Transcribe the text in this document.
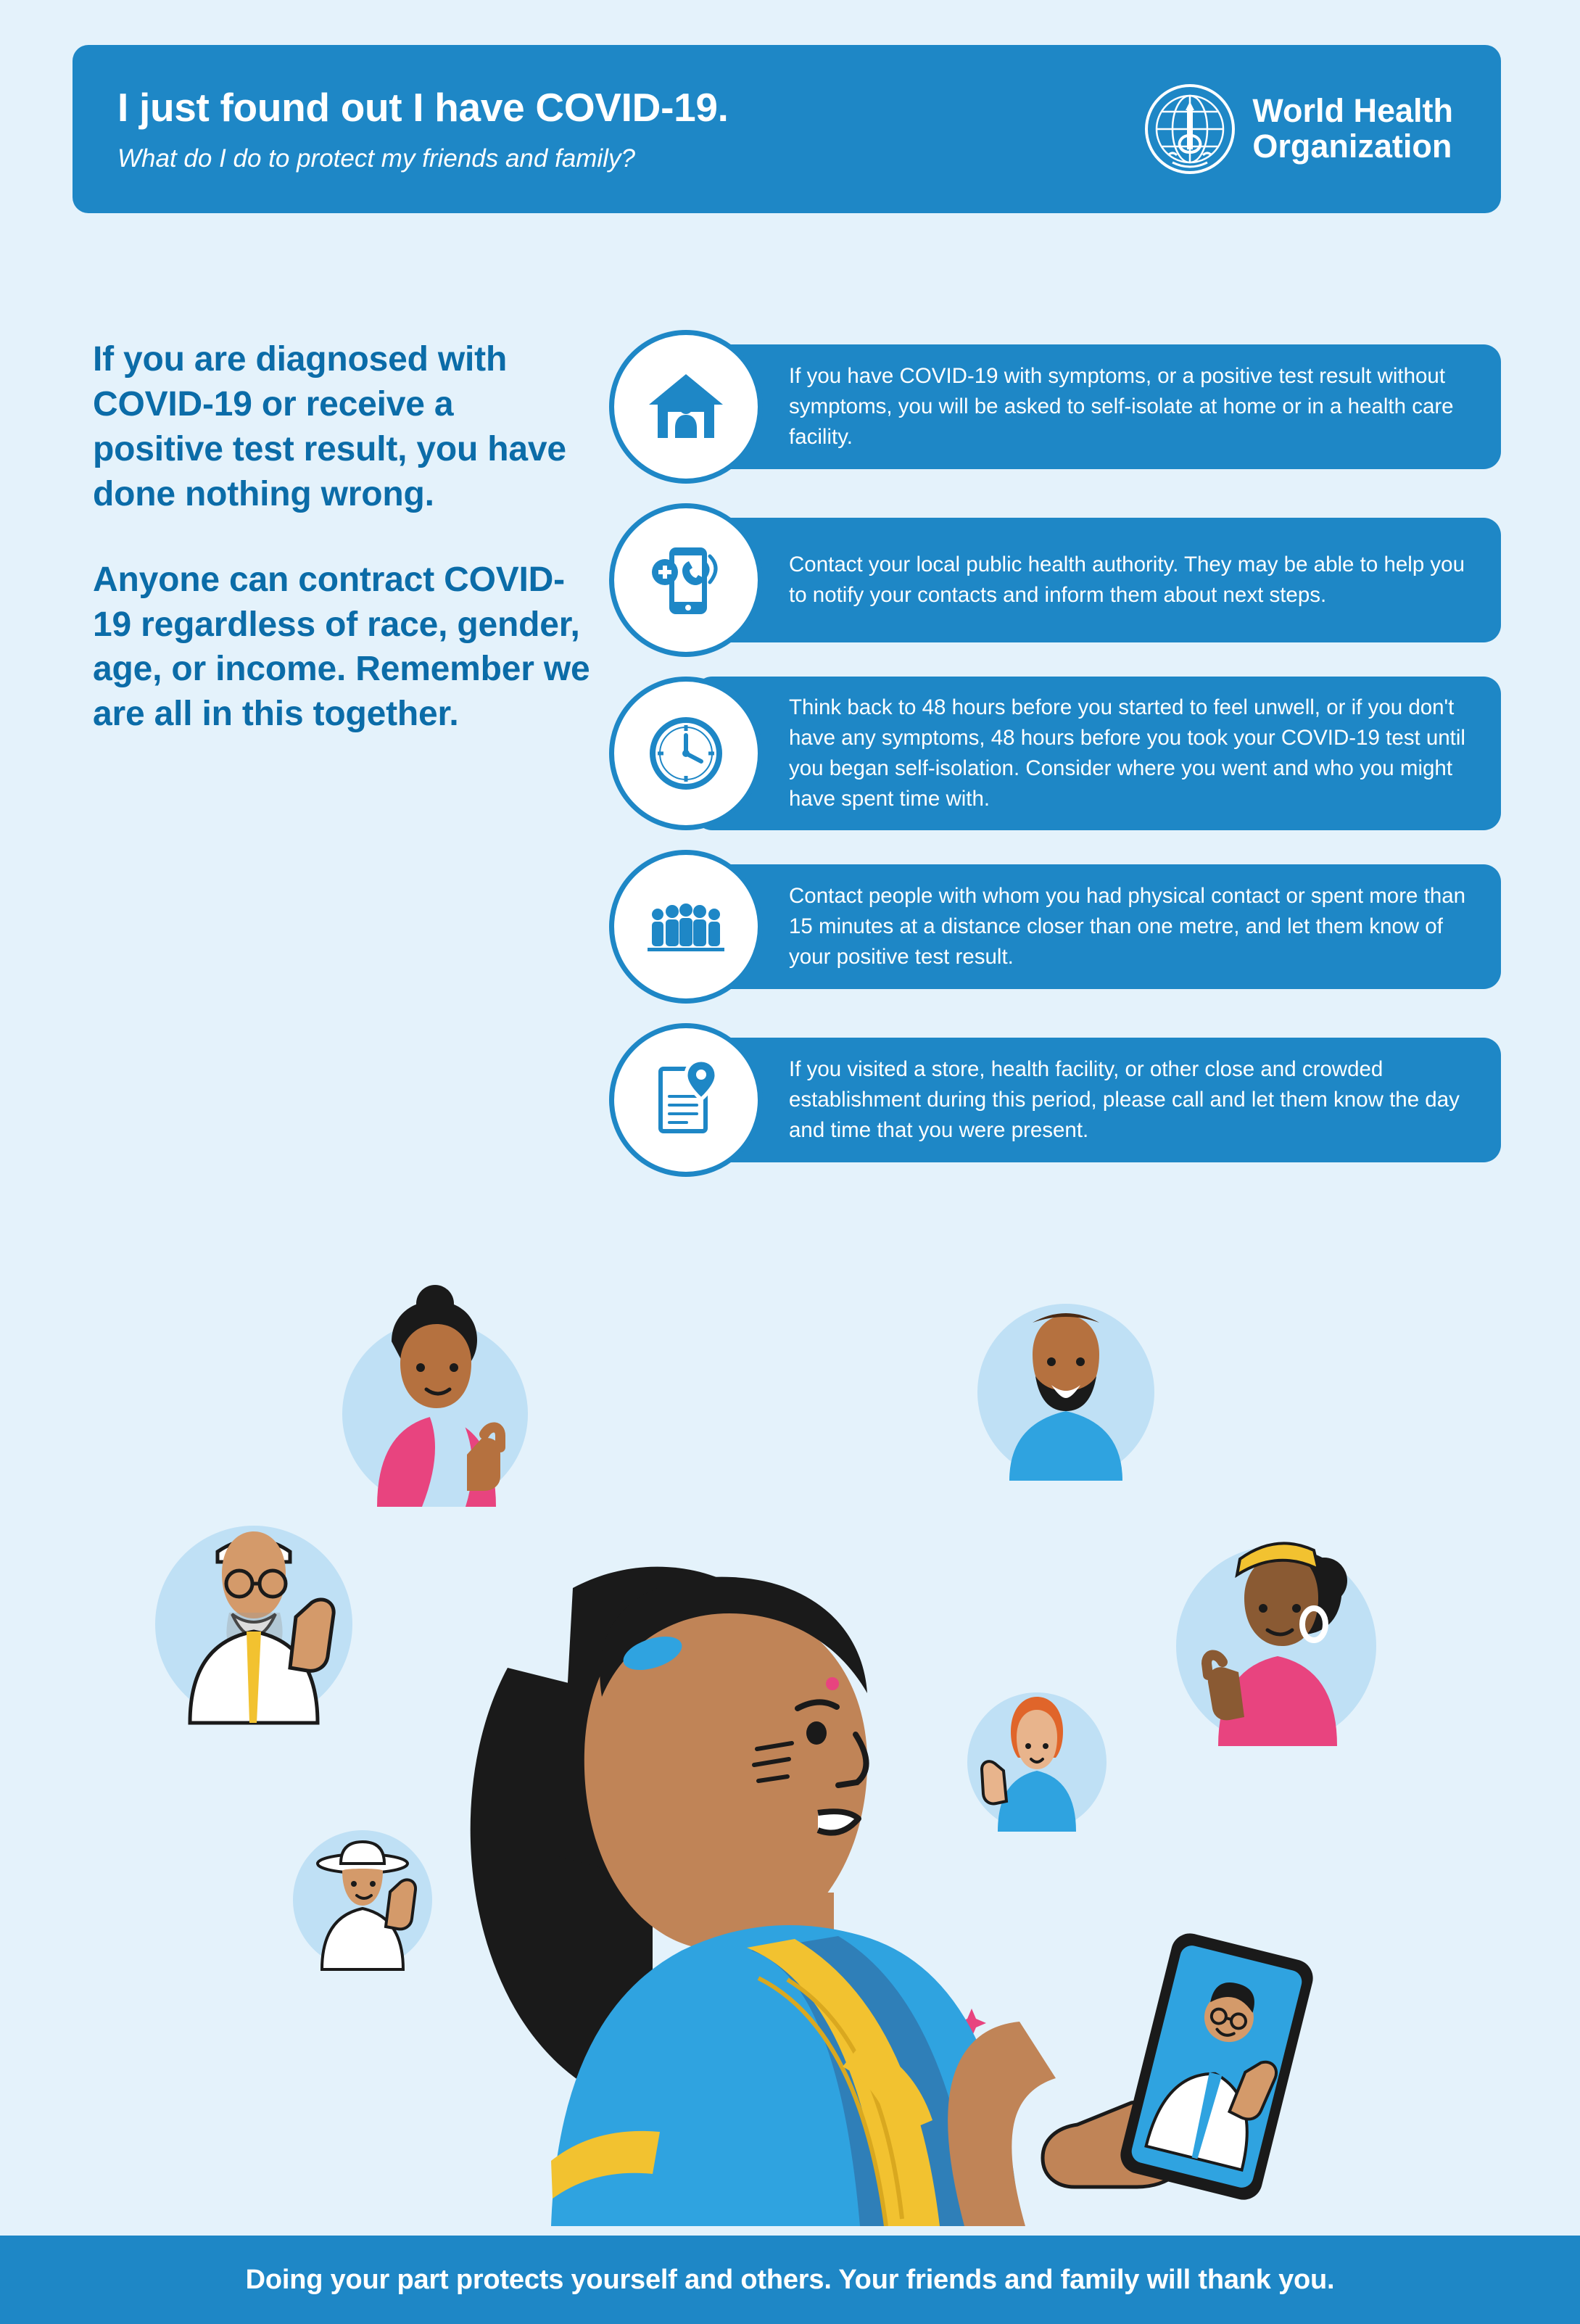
I just found out I have COVID-19.
What do I do to protect my friends and family?
World Health
Organization

If you are diagnosed with COVID-19 or receive a positive test result, you have done nothing wrong.

Anyone can contract COVID-19 regardless of race, gender, age, or income. Remember we are all in this together.

If you have COVID-19 with symptoms, or a positive test result without symptoms, you will be asked to self-isolate at home or in a health care facility.
Contact your local public health authority. They may be able to help you to notify your contacts and inform them about next steps.
Think back to 48 hours before you started to feel unwell, or if you don't have any symptoms, 48 hours before you took your COVID-19 test until you began self-isolation. Consider where you went and who you might have spent time with.
Contact people with whom you had physical contact or spent more than 15 minutes at a distance closer than one metre, and let them know of your positive test result.
If you visited a store, health facility, or other close and crowded establishment during this period, please call and let them know the day and time that you were present.
Doing your part protects yourself and others. Your friends and family will thank you.
